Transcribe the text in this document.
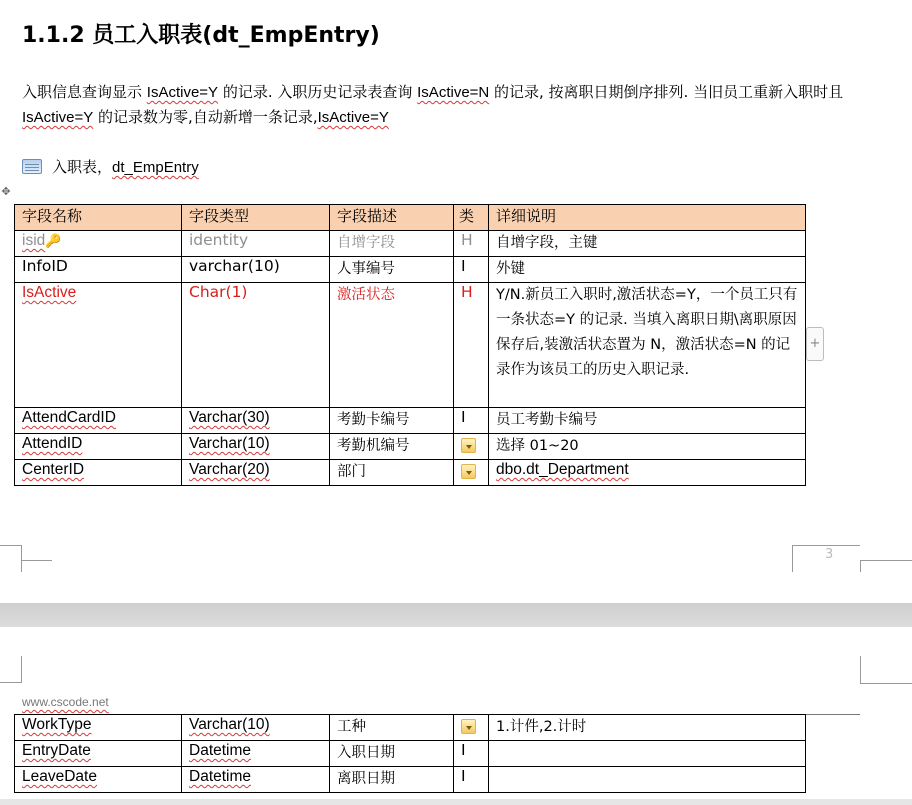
1.1.2 员工入职表(dt_EmpEntry)
入职信息查询显示 IsActive=Y 的记录. 入职历史记录表查询 IsActive=N 的记录, 按离职日期倒序排列. 当旧员工重新入职时且 IsActive=Y 的记录数为零,自动新增一条记录,IsActive=Y
入职表，dt_EmpEntry
✥
字段名称	字段类型	字段描述	类	详细说明
isid🔑	identity	自增字段	H	自增字段，主键
InfoID	varchar(10)	人事编号	I	外键
IsActive	Char(1)	激活状态	H	Y/N.新员工入职时,激活状态=Y，一个员工只有一条状态=Y 的记录. 当填入离职日期\离职原因保存后,装激活状态置为 N，激活状态=N 的记录作为该员工的历史入职记录.
AttendCardID	Varchar(30)	考勤卡编号	I	员工考勤卡编号
AttendID	Varchar(10)	考勤机编号		选择 01~20
CenterID	Varchar(20)	部门		dbo.dt_Department
+
3
www.cscode.net
WorkType	Varchar(10)	工种		1.计件,2.计时
EntryDate	Datetime	入职日期	I	
LeaveDate	Datetime	离职日期	I	
